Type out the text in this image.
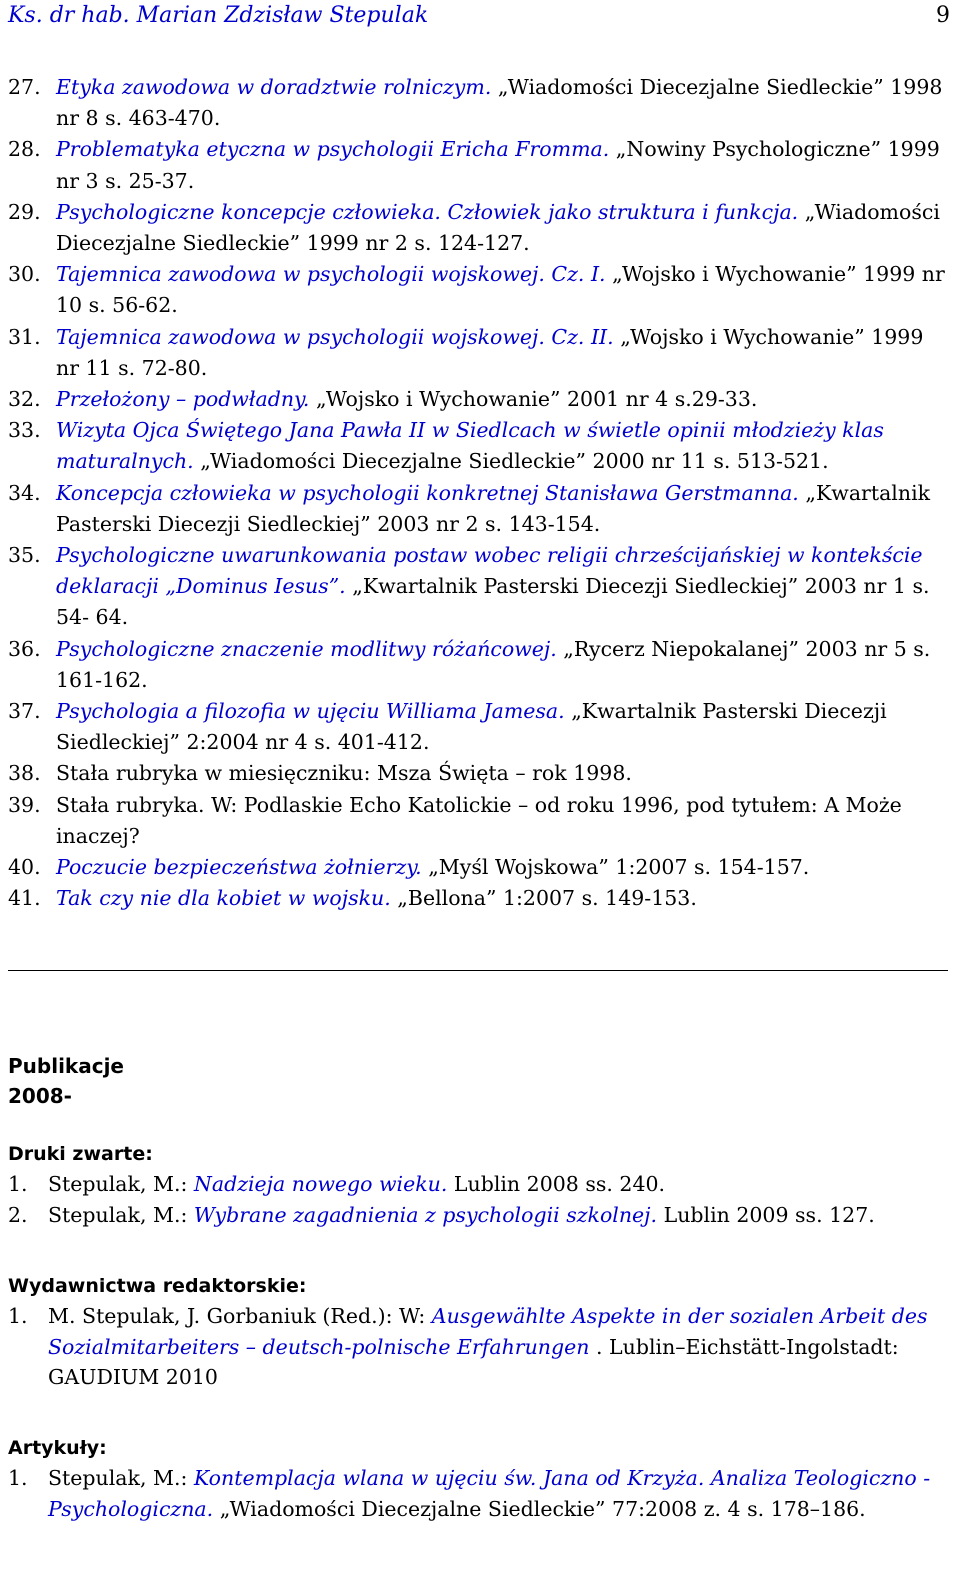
Ks. dr hab. Marian Zdzisław Stepulak	9
27. Etyka zawodowa w doradztwie rolniczym. „Wiadomości Diecezjalne Siedleckie” 1998 nr 8 s. 463-470.
28. Problematyka etyczna w psychologii Ericha Fromma. „Nowiny Psychologiczne” 1999 nr 3 s. 25-37.
29. Psychologiczne koncepcje człowieka. Człowiek jako struktura i funkcja. „Wiadomości Diecezjalne Siedleckie” 1999 nr 2 s. 124-127.
30. Tajemnica zawodowa w psychologii wojskowej. Cz. I. „Wojsko i Wychowanie” 1999 nr 10 s. 56-62.
31. Tajemnica zawodowa w psychologii wojskowej. Cz. II. „Wojsko i Wychowanie” 1999 nr 11 s. 72-80.
32. Przełożony – podwładny. „Wojsko i Wychowanie” 2001 nr 4 s.29-33.
33. Wizyta Ojca Świętego Jana Pawła II w Siedlcach w świetle opinii młodzieży klas maturalnych. „Wiadomości Diecezjalne Siedleckie” 2000 nr 11 s. 513-521.
34. Koncepcja człowieka w psychologii konkretnej Stanisława Gerstmanna. „Kwartalnik Pasterski Diecezji Siedleckiej” 2003 nr 2 s. 143-154.
35. Psychologiczne uwarunkowania postaw wobec religii chrześcijańskiej w kontekście deklaracji „Dominus Iesus”. „Kwartalnik Pasterski Diecezji Siedleckiej” 2003 nr 1 s. 54- 64.
36. Psychologiczne znaczenie modlitwy różańcowej. „Rycerz Niepokalanej” 2003 nr 5 s. 161-162.
37. Psychologia a filozofia w ujęciu Williama Jamesa. „Kwartalnik Pasterski Diecezji Siedleckiej” 2:2004 nr 4 s. 401-412.
38. Stała rubryka w miesięczniku: Msza Święta – rok 1998.
39. Stała rubryka. W: Podlaskie Echo Katolickie – od roku 1996, pod tytułem: A Może inaczej?
40. Poczucie bezpieczeństwa żołnierzy. „Myśl Wojskowa” 1:2007 s. 154-157.
41. Tak czy nie dla kobiet w wojsku. „Bellona” 1:2007 s. 149-153.
Publikacje
2008-
Druki zwarte:
1. Stepulak, M.: Nadzieja nowego wieku. Lublin 2008 ss. 240.
2. Stepulak, M.: Wybrane zagadnienia z psychologii szkolnej. Lublin 2009 ss. 127.
Wydawnictwa redaktorskie:
1. M. Stepulak, J. Gorbaniuk (Red.): W: Ausgewählte Aspekte in der sozialen Arbeit des Sozialmitarbeiters – deutsch-polnische Erfahrungen . Lublin–Eichstätt-Ingolstadt: GAUDIUM 2010
Artykuły:
1. Stepulak, M.: Kontemplacja wlana w ujęciu św. Jana od Krzyża. Analiza Teologiczno - Psychologiczna. „Wiadomości Diecezjalne Siedleckie” 77:2008 z. 4 s. 178–186.
